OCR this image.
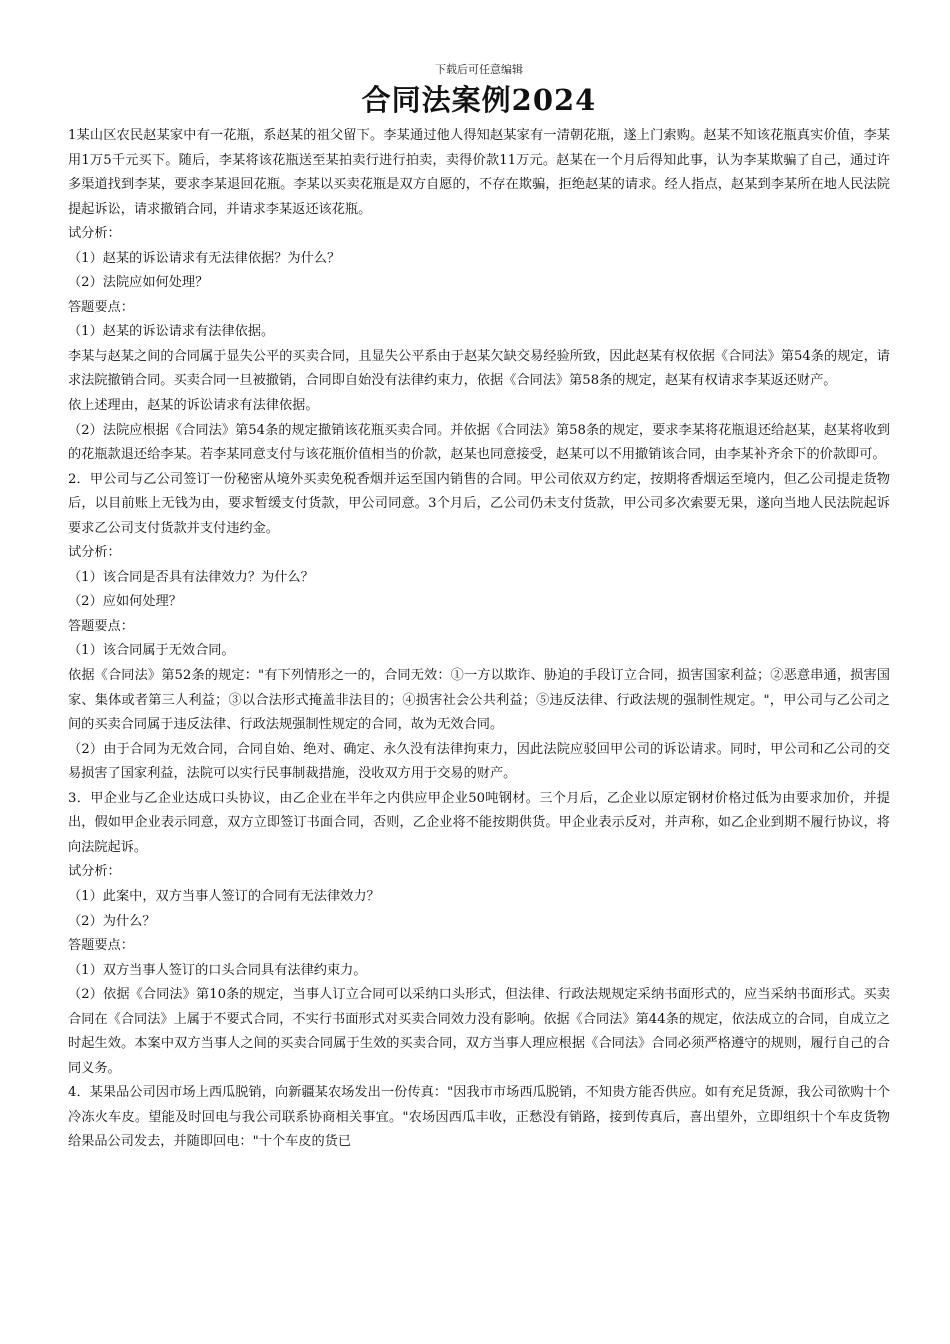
下载后可任意编辑
合同法案例2024

1某山区农民赵某家中有一花瓶，系赵某的祖父留下。李某通过他人得知赵某家有一清朝花瓶，遂上门索购。赵某不知该花瓶真实价值，李某用1万5千元买下。随后，李某将该花瓶送至某拍卖行进行拍卖，卖得价款11万元。赵某在一个月后得知此事，认为李某欺骗了自己，通过许多渠道找到李某，要求李某退回花瓶。李某以买卖花瓶是双方自愿的，不存在欺骗，拒绝赵某的请求。经人指点，赵某到李某所在地人民法院提起诉讼，请求撤销合同，并请求李某返还该花瓶。

试分析：

（1）赵某的诉讼请求有无法律依据？为什么？

（2）法院应如何处理？

答题要点：

（1）赵某的诉讼请求有法律依据。

李某与赵某之间的合同属于显失公平的买卖合同，且显失公平系由于赵某欠缺交易经验所致，因此赵某有权依据《合同法》第54条的规定，请求法院撤销合同。买卖合同一旦被撤销，合同即自始没有法律约束力，依据《合同法》第58条的规定，赵某有权请求李某返还财产。

依上述理由，赵某的诉讼请求有法律依据。

（2）法院应根据《合同法》第54条的规定撤销该花瓶买卖合同。并依据《合同法》第58条的规定，要求李某将花瓶退还给赵某，赵某将收到的花瓶款退还给李某。若李某同意支付与该花瓶价值相当的价款，赵某也同意接受，赵某可以不用撤销该合同，由李某补齐余下的价款即可。

2．甲公司与乙公司签订一份秘密从境外买卖免税香烟并运至国内销售的合同。甲公司依双方约定，按期将香烟运至境内，但乙公司提走货物后，以目前账上无钱为由，要求暂缓支付货款，甲公司同意。3个月后，乙公司仍未支付货款，甲公司多次索要无果，遂向当地人民法院起诉要求乙公司支付货款并支付违约金。

试分析：

（1）该合同是否具有法律效力？为什么？

（2）应如何处理？

答题要点：

（1）该合同属于无效合同。

依据《合同法》第52条的规定："有下列情形之一的，合同无效：①一方以欺诈、胁迫的手段订立合同，损害国家利益；②恶意串通，损害国家、集体或者第三人利益；③以合法形式掩盖非法目的；④损害社会公共利益；⑤违反法律、行政法规的强制性规定。"，甲公司与乙公司之间的买卖合同属于违反法律、行政法规强制性规定的合同，故为无效合同。

（2）由于合同为无效合同，合同自始、绝对、确定、永久没有法律拘束力，因此法院应驳回甲公司的诉讼请求。同时，甲公司和乙公司的交易损害了国家利益，法院可以实行民事制裁措施，没收双方用于交易的财产。

3．甲企业与乙企业达成口头协议，由乙企业在半年之内供应甲企业50吨钢材。三个月后，乙企业以原定钢材价格过低为由要求加价，并提出，假如甲企业表示同意，双方立即签订书面合同，否则，乙企业将不能按期供货。甲企业表示反对，并声称，如乙企业到期不履行协议，将向法院起诉。

试分析：

（1）此案中，双方当事人签订的合同有无法律效力？

（2）为什么？

答题要点：

（1）双方当事人签订的口头合同具有法律约束力。

（2）依据《合同法》第10条的规定，当事人订立合同可以采纳口头形式，但法律、行政法规规定采纳书面形式的，应当采纳书面形式。买卖合同在《合同法》上属于不要式合同，不实行书面形式对买卖合同效力没有影响。依据《合同法》第44条的规定，依法成立的合同，自成立之时起生效。本案中双方当事人之间的买卖合同属于生效的买卖合同，双方当事人理应根据《合同法》合同必须严格遵守的规则，履行自己的合同义务。

4．某果品公司因市场上西瓜脱销，向新疆某农场发出一份传真："因我市市场西瓜脱销，不知贵方能否供应。如有充足货源，我公司欲购十个冷冻火车皮。望能及时回电与我公司联系协商相关事宜。"农场因西瓜丰收，正愁没有销路，接到传真后，喜出望外，立即组织十个车皮货物给果品公司发去，并随即回电："十个车皮的货已
